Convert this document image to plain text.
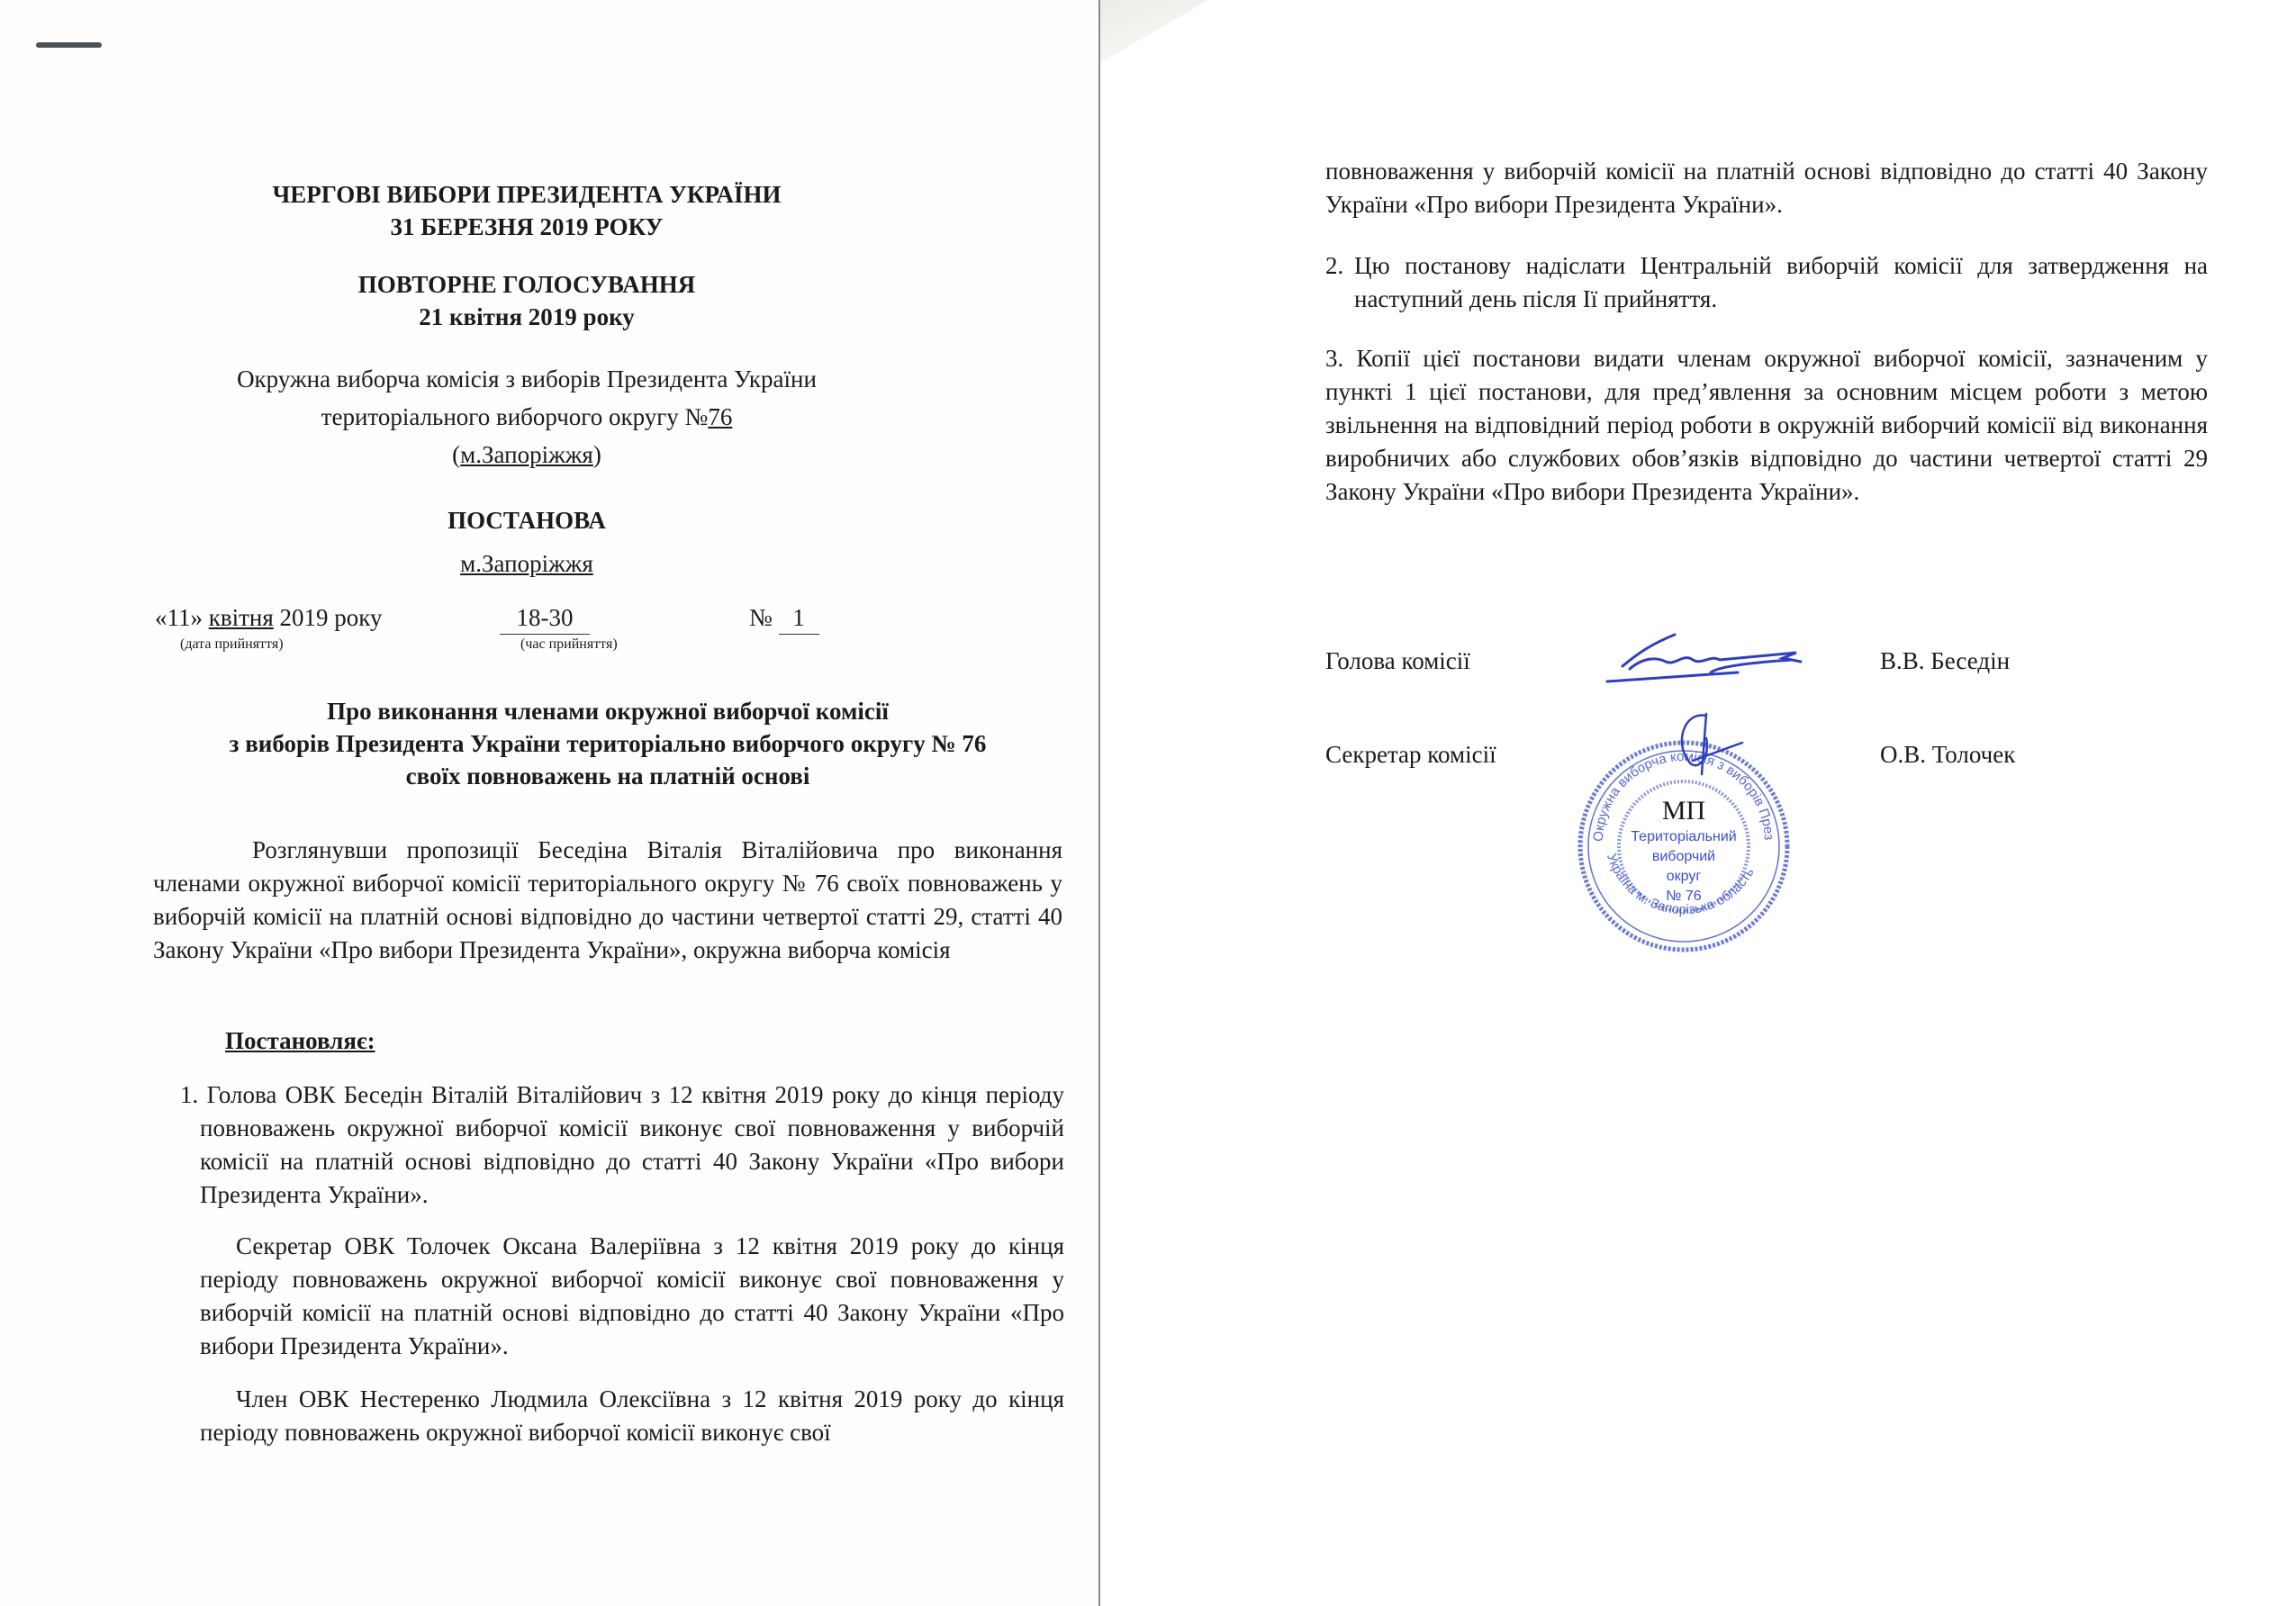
ЧЕРГОВІ ВИБОРИ ПРЕЗИДЕНТА УКРАЇНИ
31 БЕРЕЗНЯ 2019 РОКУ
ПОВТОРНЕ ГОЛОСУВАННЯ
21 квітня 2019 року
Окружна виборча комісія з виборів Президента України
територіального виборчого округу №76
(м.Запоріжжя)
ПОСТАНОВА
м.Запоріжжя
«11» квітня 2019 року
(дата прийняття)
18-30
(час прийняття)
№ 1
Про виконання членами окружної виборчої комісії
з виборів Президента України територіально виборчого округу № 76
своїх повноважень на платній основі
Розглянувши пропозиції Беседіна Віталія Віталійовича про виконання членами окружної виборчої комісії територіального округу № 76 своїх повноважень у виборчій комісії на платній основі відповідно до частини четвертої статті 29, статті 40 Закону України «Про вибори Президента України», окружна виборча комісія
Постановляє:
1. Голова ОВК Беседін Віталій Віталійович з 12 квітня 2019 року до кінця періоду повноважень окружної виборчої комісії виконує свої повноваження у виборчій комісії на платній основі відповідно до статті 40 Закону України «Про вибори Президента України».
Секретар ОВК Толочек Оксана Валеріївна з 12 квітня 2019 року до кінця періоду повноважень окружної виборчої комісії виконує свої повноваження у виборчій комісії на платній основі відповідно до статті 40 Закону України «Про вибори Президента України».
Член ОВК Нестеренко Людмила Олексіївна з 12 квітня 2019 року до кінця періоду повноважень окружної виборчої комісії виконує свої
повноваження у виборчій комісії на платній основі відповідно до статті 40 Закону України «Про вибори Президента України».
2. Цю постанову надіслати Центральній виборчій комісії для затвердження на наступний день після Ії прийняття.
3. Копії цієї постанови видати членам окружної виборчої комісії, зазначеним у пункті 1 цієї постанови, для пред’явлення за основним місцем роботи з метою звільнення на відповідний період роботи в окружній виборчий комісії від виконання виробничих або службових обов’язків відповідно до частини четвертої статті 29 Закону України «Про вибори Президента України».
Голова комісії	В.В. Беседін
Секретар комісії	О.В. Толочек
Окружна виборча комісія з виборів През
Україна м. Запорізька область
МП
Територіальний
виборчий
округ
№ 76
